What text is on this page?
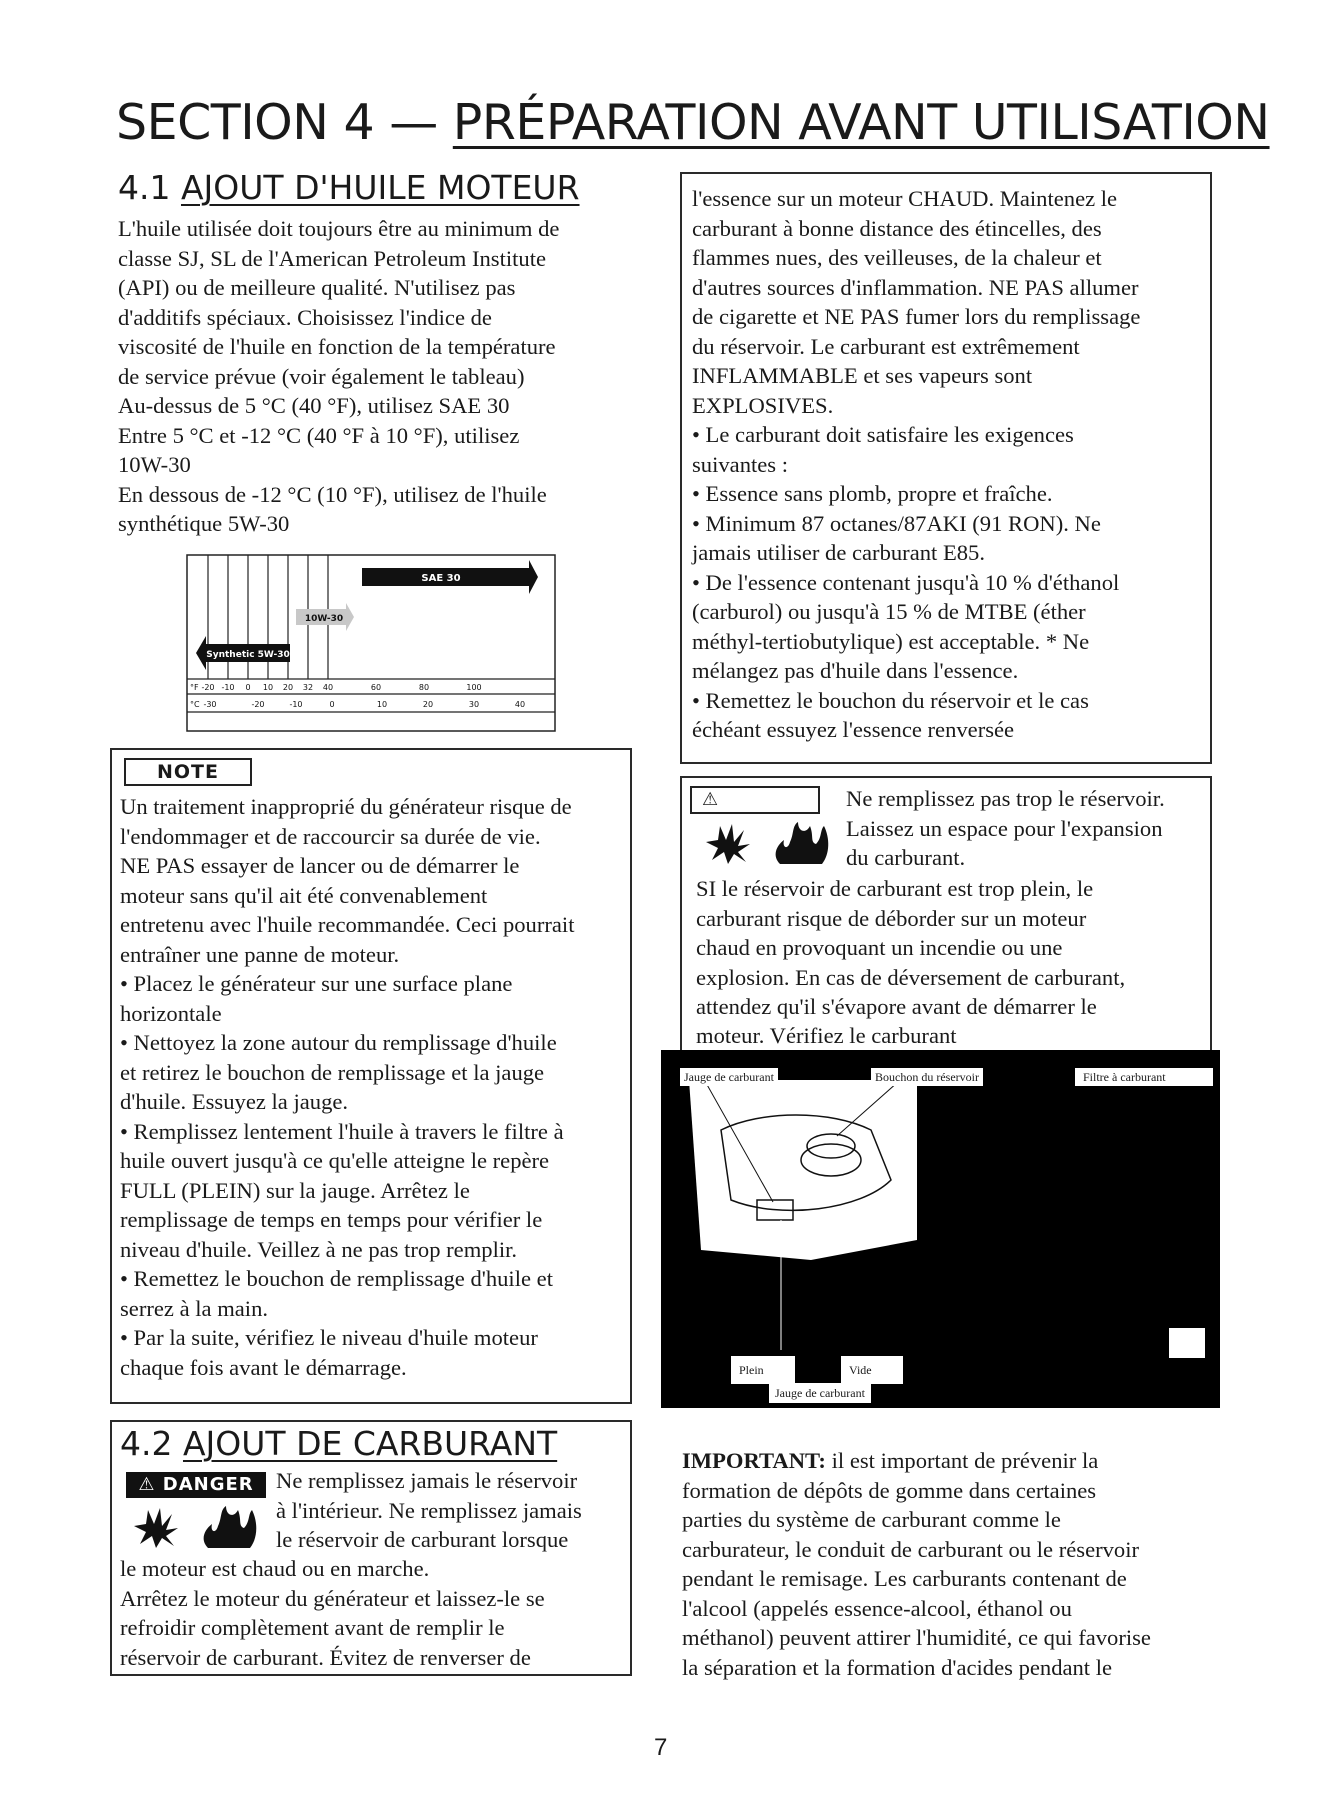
SECTION 4 — PRÉPARATION AVANT UTILISATION
4.1 AJOUT D'HUILE MOTEUR
L'huile utilisée doit toujours être au minimum de
classe SJ, SL de l'American Petroleum Institute
(API) ou de meilleure qualité. N'utilisez pas
d'additifs spéciaux. Choisissez l'indice de
viscosité de l'huile en fonction de la température
de service prévue (voir également le tableau)
Au-dessus de 5 °C (40 °F), utilisez SAE 30
Entre 5 °C et -12 °C (40 °F à 10 °F), utilisez
10W-30
En dessous de -12 °C (10 °F), utilisez de l'huile
synthétique 5W-30
SAE 30
10W-30
Synthetic 5W-30
°F -20 -10 0 10 20 32 40	60	80	100
°C -30	-20	-10	0	10	20	30	40
NOTE
Un traitement inapproprié du générateur risque de
l'endommager et de raccourcir sa durée de vie.
NE PAS essayer de lancer ou de démarrer le
moteur sans qu'il ait été convenablement
entretenu avec l'huile recommandée. Ceci pourrait
entraîner une panne de moteur.
• Placez le générateur sur une surface plane
horizontale
• Nettoyez la zone autour du remplissage d'huile
et retirez le bouchon de remplissage et la jauge
d'huile. Essuyez la jauge.
• Remplissez lentement l'huile à travers le filtre à
huile ouvert jusqu'à ce qu'elle atteigne le repère
FULL (PLEIN) sur la jauge. Arrêtez le
remplissage de temps en temps pour vérifier le
niveau d'huile. Veillez à ne pas trop remplir.
• Remettez le bouchon de remplissage d'huile et
serrez à la main.
• Par la suite, vérifiez le niveau d'huile moteur
chaque fois avant le démarrage.
4.2 AJOUT DE CARBURANT
⚠ DANGER Ne remplissez jamais le réservoir
à l'intérieur. Ne remplissez jamais
le réservoir de carburant lorsque
le moteur est chaud ou en marche.
Arrêtez le moteur du générateur et laissez-le se
refroidir complètement avant de remplir le
réservoir de carburant. Évitez de renverser de
l'essence sur un moteur CHAUD. Maintenez le
carburant à bonne distance des étincelles, des
flammes nues, des veilleuses, de la chaleur et
d'autres sources d'inflammation. NE PAS allumer
de cigarette et NE PAS fumer lors du remplissage
du réservoir. Le carburant est extrêmement
INFLAMMABLE et ses vapeurs sont
EXPLOSIVES.
• Le carburant doit satisfaire les exigences
suivantes :
• Essence sans plomb, propre et fraîche.
• Minimum 87 octanes/87AKI (91 RON). Ne
jamais utiliser de carburant E85.
• De l'essence contenant jusqu'à 10 % d'éthanol
(carburol) ou jusqu'à 15 % de MTBE (éther
méthyl-tertiobutylique) est acceptable. * Ne
mélangez pas d'huile dans l'essence.
• Remettez le bouchon du réservoir et le cas
échéant essuyez l'essence renversée
⚠	Ne remplissez pas trop le réservoir.
Laissez un espace pour l'expansion
du carburant.
SI le réservoir de carburant est trop plein, le
carburant risque de déborder sur un moteur
chaud en provoquant un incendie ou une
explosion. En cas de déversement de carburant,
attendez qu'il s'évapore avant de démarrer le
moteur. Vérifiez le carburant
Jauge de carburant	Bouchon du réservoir	Filtre à carburant
Plein	Vide
Jauge de carburant
IMPORTANT: il est important de prévenir la
formation de dépôts de gomme dans certaines
parties du système de carburant comme le
carburateur, le conduit de carburant ou le réservoir
pendant le remisage. Les carburants contenant de
l'alcool (appelés essence-alcool, éthanol ou
méthanol) peuvent attirer l'humidité, ce qui favorise
la séparation et la formation d'acides pendant le
7
